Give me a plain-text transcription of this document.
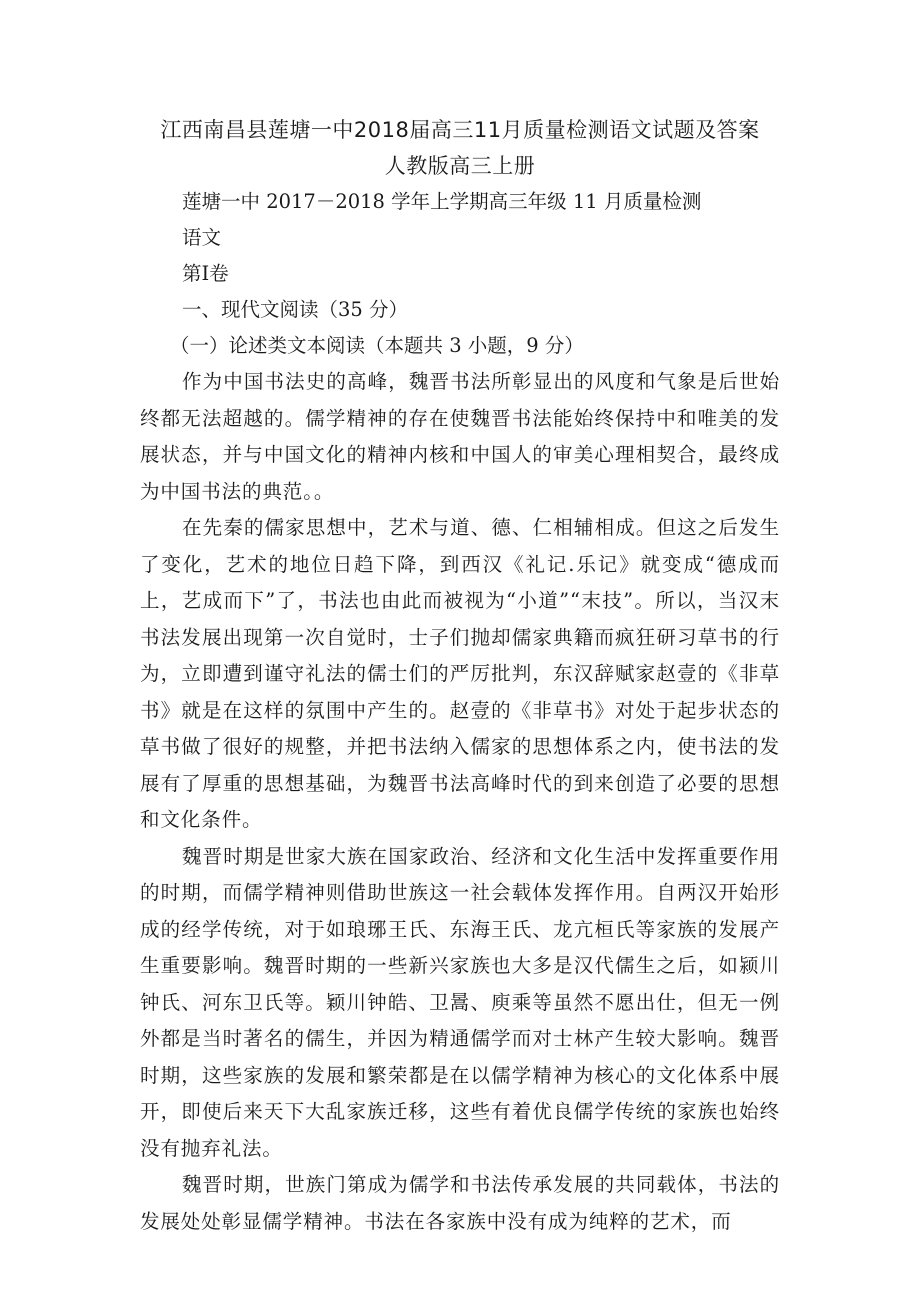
江西南昌县莲塘一中2018届高三11月质量检测语文试题及答案

人教版高三上册

莲塘一中 2017－2018 学年上学期高三年级 11 月质量检测

语文

第Ⅰ卷

一、现代文阅读（35 分）

（一）论述类文本阅读（本题共 3 小题，9 分）

作为中国书法史的高峰，魏晋书法所彰显出的风度和气象是后世始终都无法超越的。儒学精神的存在使魏晋书法能始终保持中和唯美的发展状态，并与中国文化的精神内核和中国人的审美心理相契合，最终成为中国书法的典范。。

在先秦的儒家思想中，艺术与道、德、仁相辅相成。但这之后发生了变化，艺术的地位日趋下降，到西汉《礼记.乐记》就变成“德成而上，艺成而下”了，书法也由此而被视为“小道”“末技”。所以，当汉末书法发展出现第一次自觉时，士子们抛却儒家典籍而疯狂研习草书的行为，立即遭到谨守礼法的儒士们的严厉批判，东汉辞赋家赵壹的《非草书》就是在这样的氛围中产生的。赵壹的《非草书》对处于起步状态的草书做了很好的规整，并把书法纳入儒家的思想体系之内，使书法的发展有了厚重的思想基础，为魏晋书法高峰时代的到来创造了必要的思想和文化条件。

魏晋时期是世家大族在国家政治、经济和文化生活中发挥重要作用的时期，而儒学精神则借助世族这一社会载体发挥作用。自两汉开始形成的经学传统，对于如琅琊王氏、东海王氏、龙亢桓氏等家族的发展产生重要影响。魏晋时期的一些新兴家族也大多是汉代儒生之后，如颍川钟氏、河东卫氏等。颖川钟皓、卫暠、庾乘等虽然不愿出仕，但无一例外都是当时著名的儒生，并因为精通儒学而对士林产生较大影响。魏晋时期，这些家族的发展和繁荣都是在以儒学精神为核心的文化体系中展开，即使后来天下大乱家族迁移，这些有着优良儒学传统的家族也始终没有抛弃礼法。

魏晋时期，世族门第成为儒学和书法传承发展的共同载体，书法的发展处处彰显儒学精神。书法在各家族中没有成为纯粹的艺术，而
